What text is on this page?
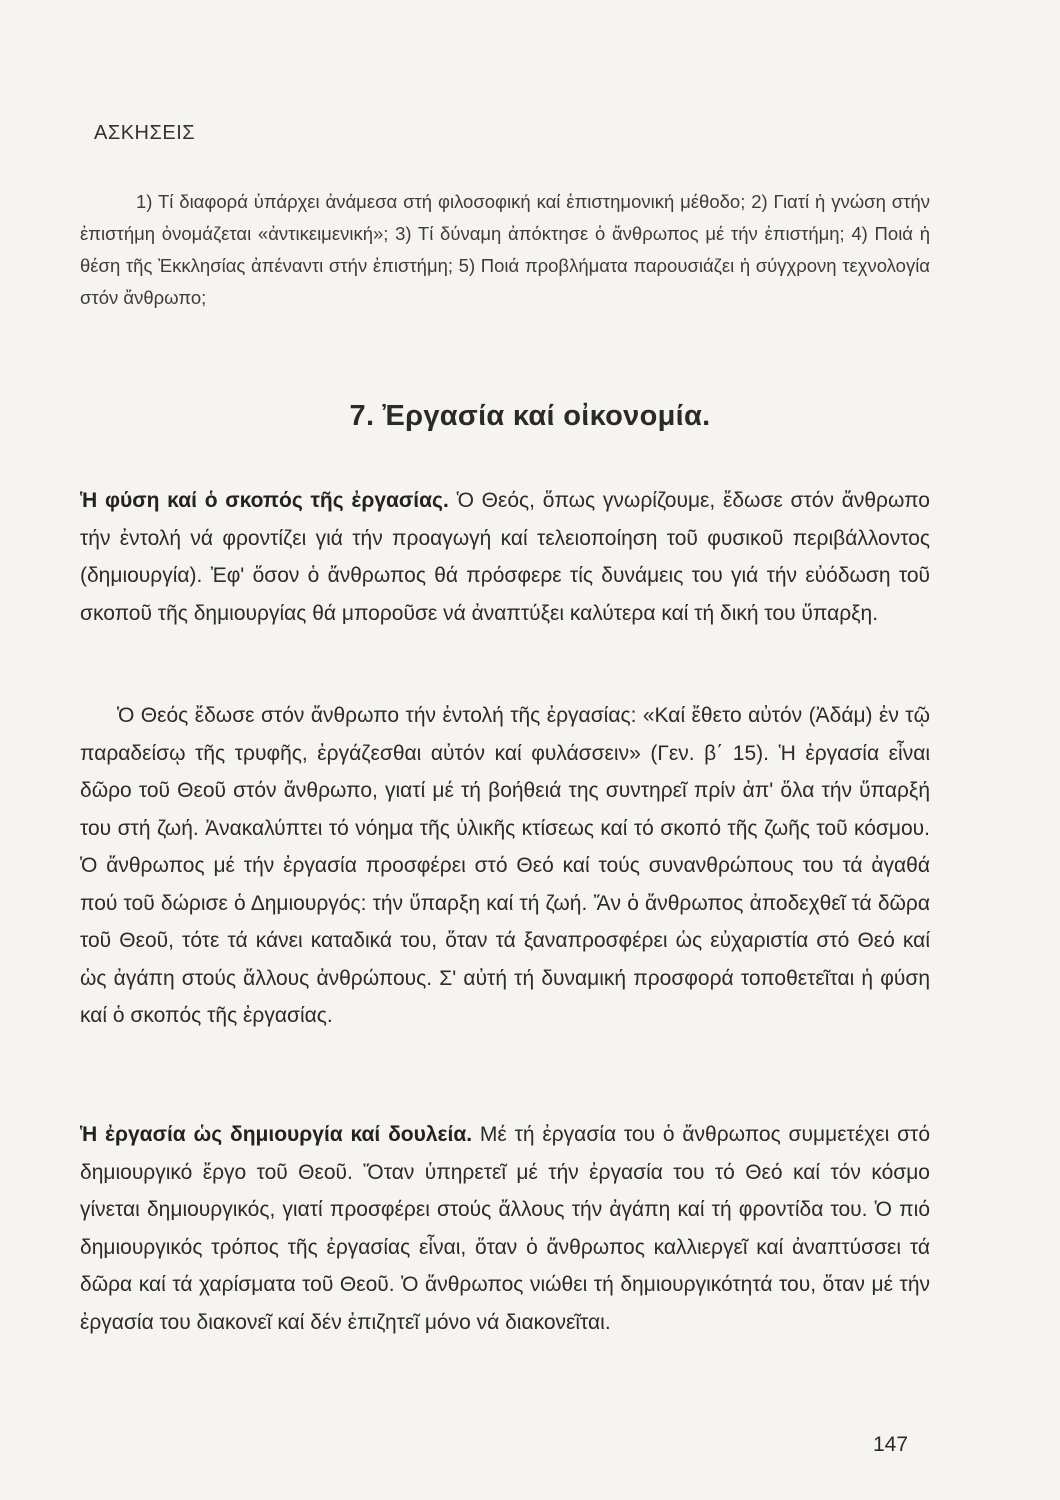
ΑΣΚΗΣΕΙΣ

1) Τί διαφορά ὑπάρχει ἀνάμεσα στή φιλοσοφική καί ἐπιστημονική μέθοδο; 2) Γιατί ἡ γνώση στήν ἐπιστήμη ὀνομάζεται «ἀντικειμενική»; 3) Τί δύναμη ἀπόκτησε ὁ ἄνθρωπος μέ τήν ἐπιστήμη; 4) Ποιά ἡ θέση τῆς Ἐκκλησίας ἀπέναντι στήν ἐπιστήμη; 5) Ποιά προβλήματα παρουσιάζει ἡ σύγχρονη τεχνολογία στόν ἄνθρωπο;

7. Ἐργασία καί οἰκονομία.

Ἡ φύση καί ὁ σκοπός τῆς ἐργασίας. Ὁ Θεός, ὅπως γνωρίζουμε, ἔδωσε στόν ἄνθρωπο τήν ἐντολή νά φροντίζει γιά τήν προαγωγή καί τελειοποίηση τοῦ φυσικοῦ περιβάλλοντος (δημιουργία). Ἐφ' ὅσον ὁ ἄνθρωπος θά πρόσφερε τίς δυνάμεις του γιά τήν εὐόδωση τοῦ σκοποῦ τῆς δημιουργίας θά μποροῦσε νά ἀναπτύξει καλύτερα καί τή δική του ὕπαρξη.

Ὁ Θεός ἔδωσε στόν ἄνθρωπο τήν ἐντολή τῆς ἐργασίας: «Καί ἔθετο αὐτόν (Ἀδάμ) ἐν τῷ παραδείσῳ τῆς τρυφῆς, ἐργάζεσθαι αὐτόν καί φυλάσσειν» (Γεν. β΄ 15). Ἡ ἐργασία εἶναι δῶρο τοῦ Θεοῦ στόν ἄνθρωπο, γιατί μέ τή βοήθειά της συντηρεῖ πρίν ἀπ' ὅλα τήν ὕπαρξή του στή ζωή. Ἀνακαλύπτει τό νόημα τῆς ὑλικῆς κτίσεως καί τό σκοπό τῆς ζωῆς τοῦ κόσμου. Ὁ ἄνθρωπος μέ τήν ἐργασία προσφέρει στό Θεό καί τούς συνανθρώπους του τά ἀγαθά πού τοῦ δώρισε ὁ Δημιουργός: τήν ὕπαρξη καί τή ζωή. Ἄν ὁ ἄνθρωπος ἀποδεχθεῖ τά δῶρα τοῦ Θεοῦ, τότε τά κάνει καταδικά του, ὅταν τά ξαναπροσφέρει ὡς εὐχαριστία στό Θεό καί ὡς ἀγάπη στούς ἄλλους ἀνθρώπους. Σ' αὐτή τή δυναμική προσφορά τοποθετεῖται ἡ φύση καί ὁ σκοπός τῆς ἐργασίας.

Ἡ ἐργασία ὡς δημιουργία καί δουλεία. Μέ τή ἐργασία του ὁ ἄνθρωπος συμμετέχει στό δημιουργικό ἔργο τοῦ Θεοῦ. Ὅταν ὑπηρετεῖ μέ τήν ἐργασία του τό Θεό καί τόν κόσμο γίνεται δημιουργικός, γιατί προσφέρει στούς ἄλλους τήν ἀγάπη καί τή φροντίδα του. Ὁ πιό δημιουργικός τρόπος τῆς ἐργασίας εἶναι, ὅταν ὁ ἄνθρωπος καλλιεργεῖ καί ἀναπτύσσει τά δῶρα καί τά χαρίσματα τοῦ Θεοῦ. Ὁ ἄνθρωπος νιώθει τή δημιουργικότητά του, ὅταν μέ τήν ἐργασία του διακονεῖ καί δέν ἐπιζητεῖ μόνο νά διακονεῖται.

147
